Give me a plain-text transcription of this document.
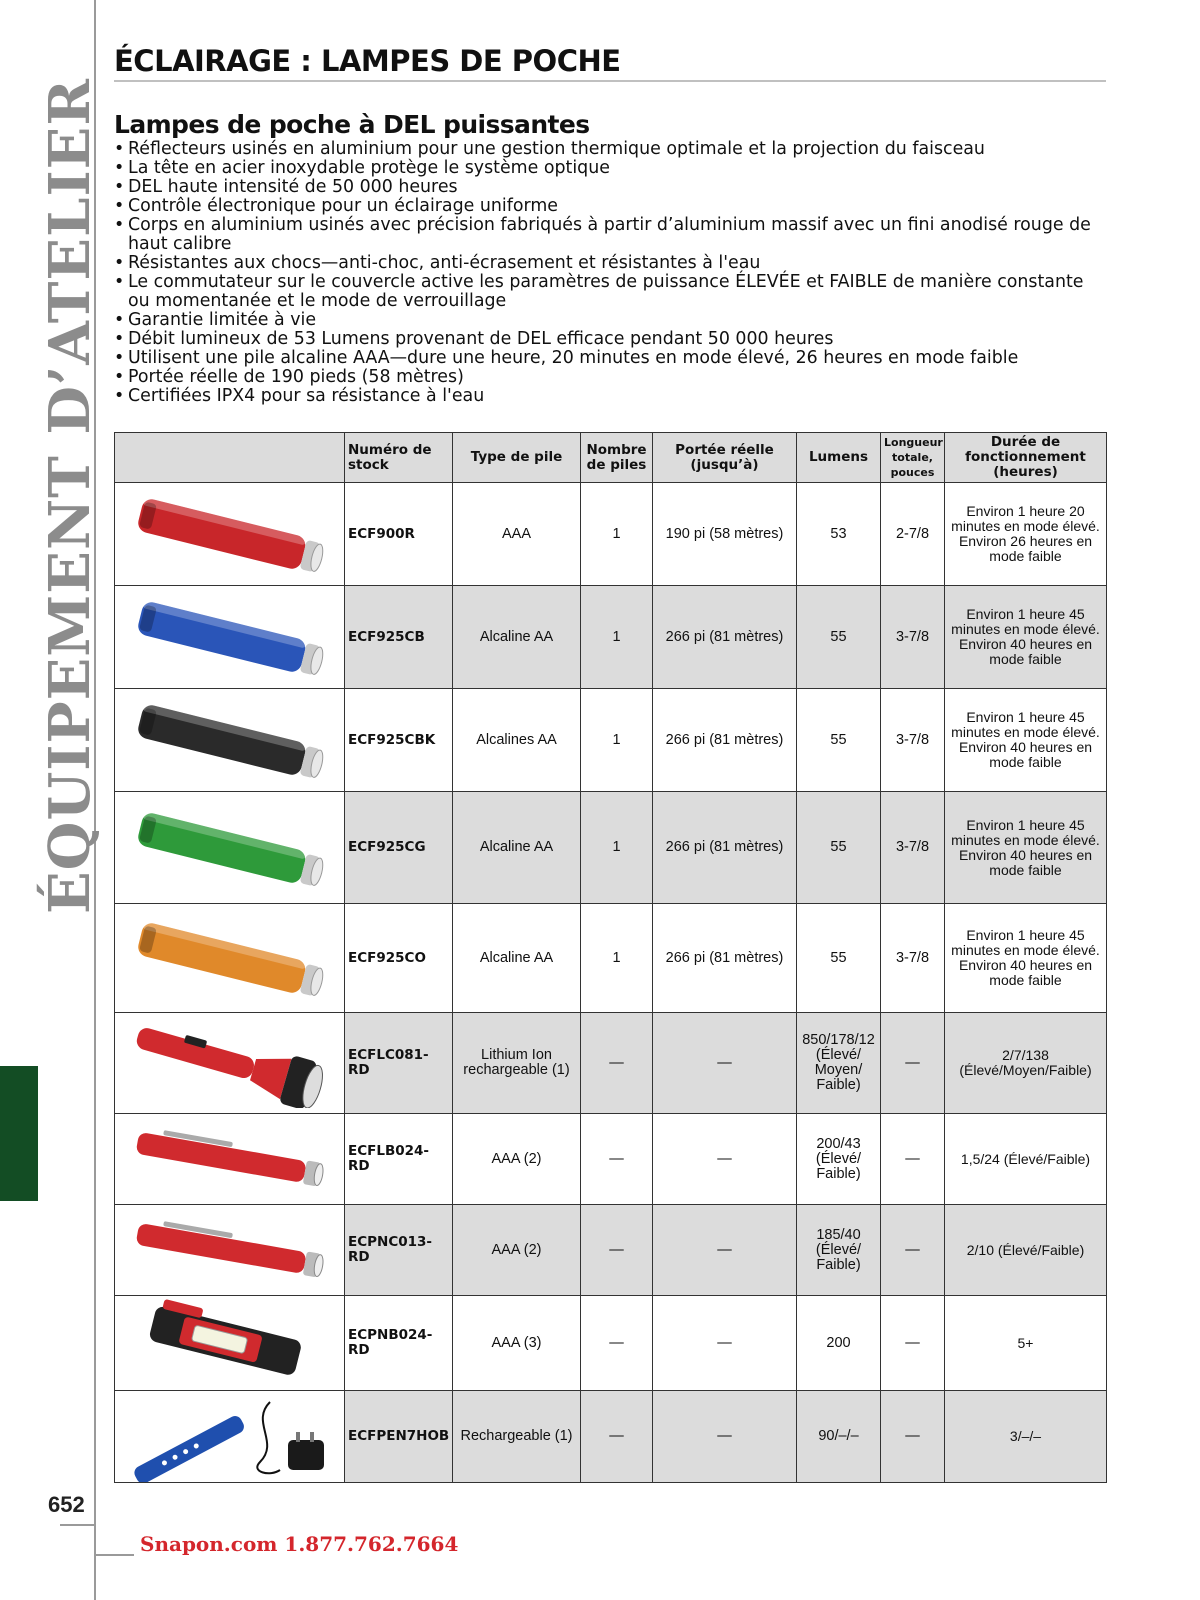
ÉQUIPEMENT D’ATELIER
652
Snapon.com 1.877.762.7664
ÉCLAIRAGE : LAMPES DE POCHE
Lampes de poche à DEL puissantes
• Réflecteurs usinés en aluminium pour une gestion thermique optimale et la projection du faisceau
• La tête en acier inoxydable protège le système optique
• DEL haute intensité de 50 000 heures
• Contrôle électronique pour un éclairage uniforme
• Corps en aluminium usinés avec précision fabriqués à partir d’aluminium massif avec un fini anodisé rouge de haut calibre
• Résistantes aux chocs—anti-choc, anti-écrasement et résistantes à l'eau
• Le commutateur sur le couvercle active les paramètres de puissance ÉLEVÉE et FAIBLE de manière constante ou momentanée et le mode de verrouillage
• Garantie limitée à vie
• Débit lumineux de 53 Lumens provenant de DEL efficace pendant 50 000 heures
• Utilisent une pile alcaline AAA—dure une heure, 20 minutes en mode élevé, 26 heures en mode faible
• Portée réelle de 190 pieds (58 mètres)
• Certifiées IPX4 pour sa résistance à l'eau
	Numéro de stock	Type de pile	Nombre de piles	Portée réelle (jusqu’à)	Lumens	Longueur totale, pouces	Durée de fonctionnement (heures)

	ECF900R	AAA	1	190 pi (58 mètres)	53	2-7/8	Environ 1 heure 20 minutes en mode élevé. Environ 26 heures en mode faible

	ECF925CB	Alcaline AA	1	266 pi (81 mètres)	55	3-7/8	Environ 1 heure 45 minutes en mode élevé. Environ 40 heures en mode faible

	ECF925CBK	Alcalines AA	1	266 pi (81 mètres)	55	3-7/8	Environ 1 heure 45 minutes en mode élevé. Environ 40 heures en mode faible

	ECF925CG	Alcaline AA	1	266 pi (81 mètres)	55	3-7/8	Environ 1 heure 45 minutes en mode élevé. Environ 40 heures en mode faible

	ECF925CO	Alcaline AA	1	266 pi (81 mètres)	55	3-7/8	Environ 1 heure 45 minutes en mode élevé. Environ 40 heures en mode faible

	ECFLC081-RD	Lithium Ion rechargeable (1)	—	—	850/178/12 (Élevé/ Moyen/ Faible)	—	2/7/138 (Élevé/Moyen/Faible)

	ECFLB024-RD	AAA (2)	—	—	200/43 (Élevé/ Faible)	—	1,5/24 (Élevé/Faible)

	ECPNC013-RD	AAA (2)	—	—	185/40 (Élevé/ Faible)	—	2/10 (Élevé/Faible)

	ECPNB024-RD	AAA (3)	—	—	200	—	5+

	ECFPEN7HOB	Rechargeable (1)	—	—	90/–/–	—	3/–/–
